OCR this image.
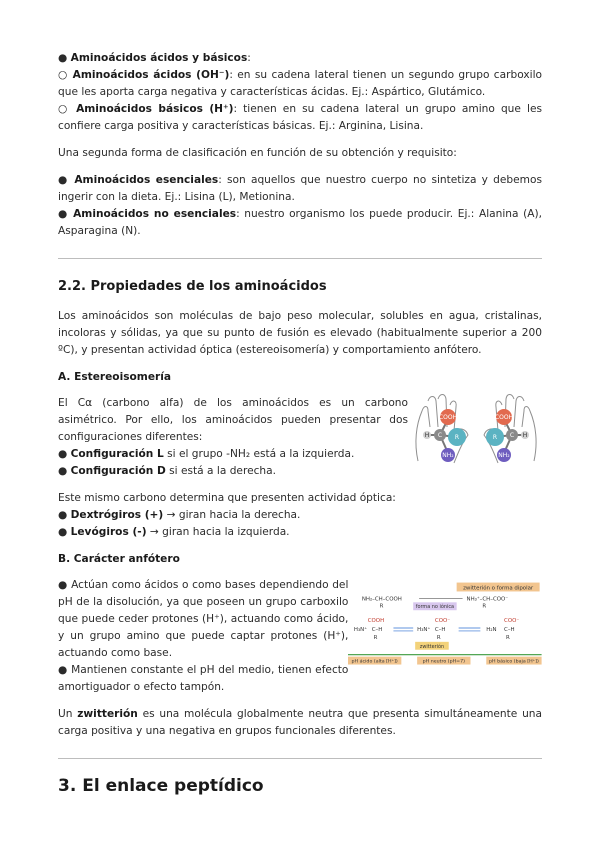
● Aminoácidos ácidos y básicos:

○ Aminoácidos ácidos (OH⁻): en su cadena lateral tienen un segundo grupo carboxilo que les aporta carga negativa y características ácidas. Ej.: Aspártico, Glutámico.

○ Aminoácidos básicos (H⁺): tienen en su cadena lateral un grupo amino que les confiere carga positiva y características básicas. Ej.: Arginina, Lisina.

Una segunda forma de clasificación en función de su obtención y requisito:

● Aminoácidos esenciales: son aquellos que nuestro cuerpo no sintetiza y debemos ingerir con la dieta. Ej.: Lisina (L), Metionina.

● Aminoácidos no esenciales: nuestro organismo los puede producir. Ej.: Alanina (A), Asparagina (N).

2.2. Propiedades de los aminoácidos

Los aminoácidos son moléculas de bajo peso molecular, solubles en agua, cristalinas, incoloras y sólidas, ya que su punto de fusión es elevado (habitualmente superior a 200 ºC), y presentan actividad óptica (estereoisomería) y comportamiento anfótero.

A. Estereoisomería

El Cα (carbono alfa) de los aminoácidos es un carbono asimétrico. Por ello, los aminoácidos pueden presentar dos configuraciones diferentes:

● Configuración L si el grupo -NH₂ está a la izquierda.

● Configuración D si está a la derecha.

COOH
C
H	R
NH₂
COOH
C H
R
NH₂

Este mismo carbono determina que presenten actividad óptica:

● Dextrógiros (+) → giran hacia la derecha.

● Levógiros (-) → giran hacia la izquierda.

B. Carácter anfótero

● Actúan como ácidos o como bases dependiendo del pH de la disolución, ya que poseen un grupo carboxilo que puede ceder protones (H⁺), actuando como ácido, y un grupo amino que puede captar protones (H⁺), actuando como base.

● Mantienen constante el pH del medio, tienen efecto amortiguador o efecto tampón.

zwitterión o forma dipolar
NH₂–CH–COOH
R
NH₃⁺–CH–COO⁻
R
forma no iónica
COOH
H₃N⁺ C–H
R
COO⁻
H₃N⁺ C–H
R
COO⁻
H₂N C–H
R
zwitterión
pH ácido (alta [H⁺])	pH neutro (pH=7)	pH básico (baja [H⁺])

Un zwitterión es una molécula globalmente neutra que presenta simultáneamente una carga positiva y una negativa en grupos funcionales diferentes.

3. El enlace peptídico
